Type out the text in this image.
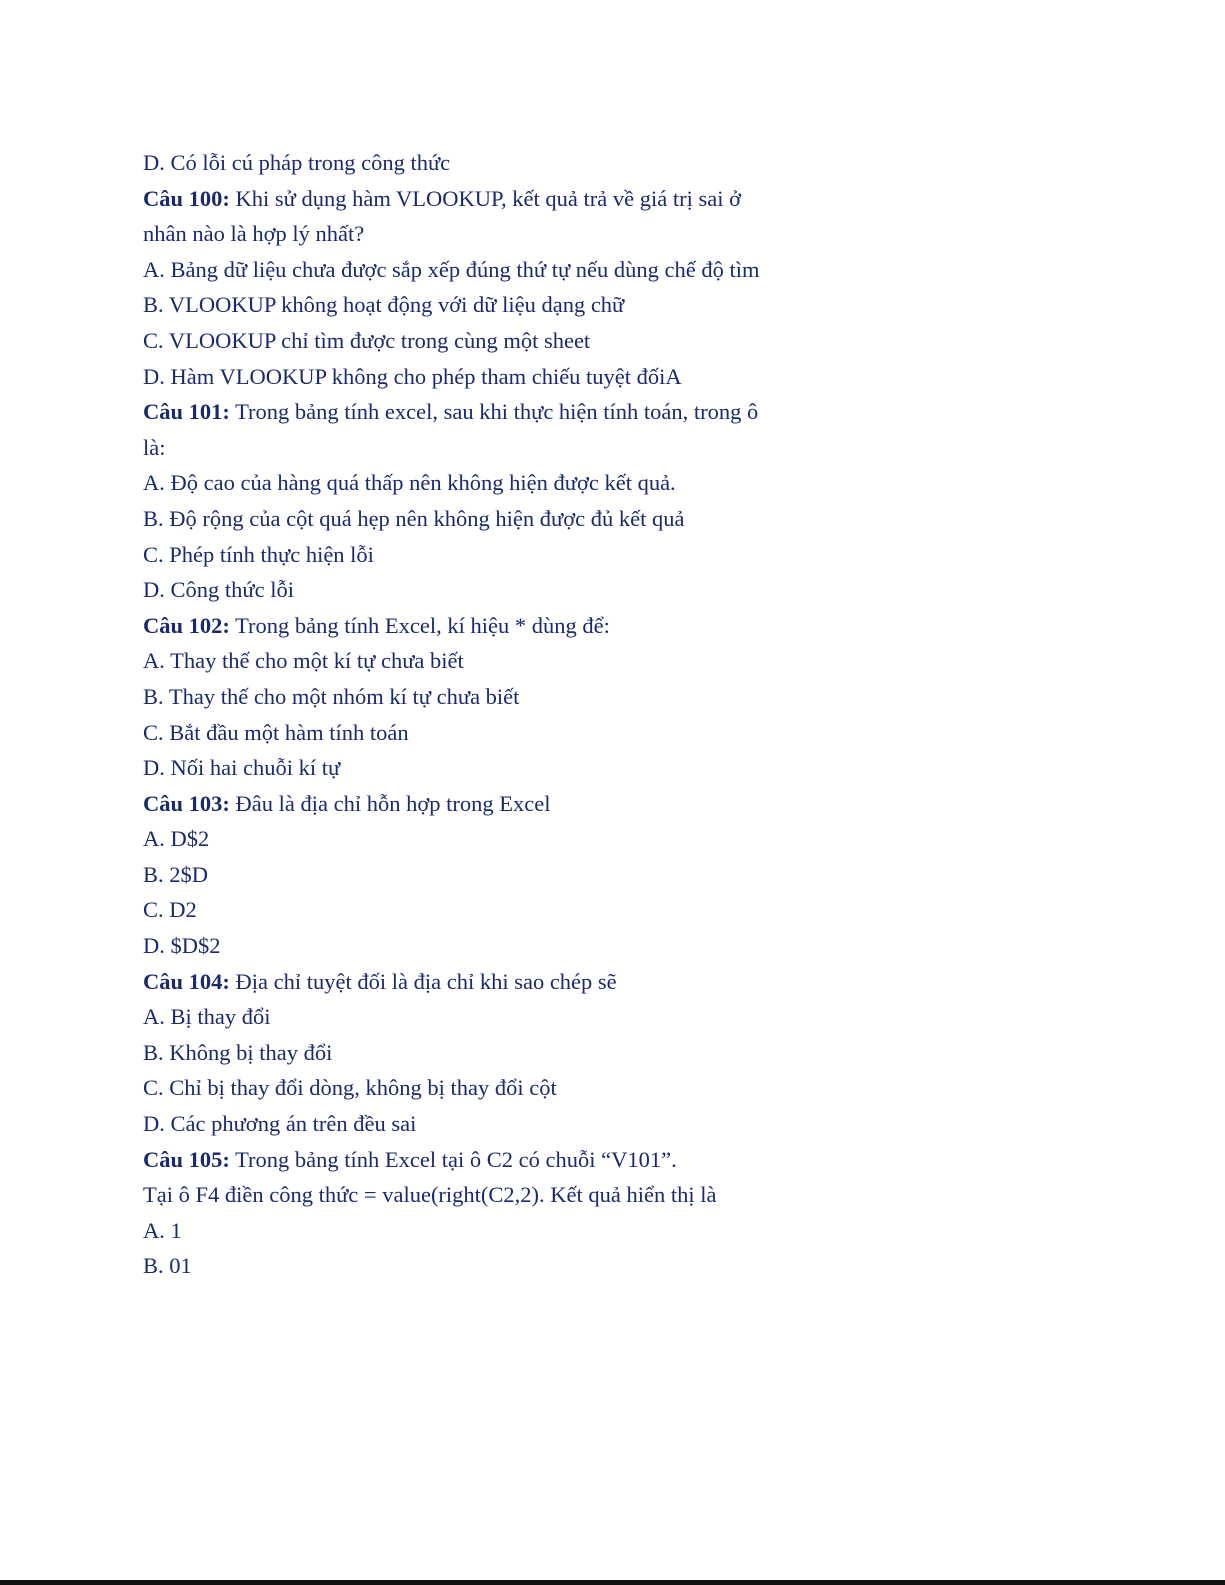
D. Có lỗi cú pháp trong công thức
Câu 100: Khi sử dụng hàm VLOOKUP, kết quả trả về giá trị sai ở
nhân nào là hợp lý nhất?
A. Bảng dữ liệu chưa được sắp xếp đúng thứ tự nếu dùng chế độ tìm
B. VLOOKUP không hoạt động với dữ liệu dạng chữ
C. VLOOKUP chỉ tìm được trong cùng một sheet
D. Hàm VLOOKUP không cho phép tham chiếu tuyệt đốiA
Câu 101: Trong bảng tính excel, sau khi thực hiện tính toán, trong ô
là:
A. Độ cao của hàng quá thấp nên không hiện được kết quả.
B. Độ rộng của cột quá hẹp nên không hiện được đủ kết quả
C. Phép tính thực hiện lỗi
D. Công thức lỗi
Câu 102: Trong bảng tính Excel, kí hiệu * dùng để:
A. Thay thế cho một kí tự chưa biết
B. Thay thế cho một nhóm kí tự chưa biết
C. Bắt đầu một hàm tính toán
D. Nối hai chuỗi kí tự
Câu 103: Đâu là địa chỉ hỗn hợp trong Excel
A. D$2
B. 2$D
C. D2
D. $D$2
Câu 104: Địa chỉ tuyệt đối là địa chỉ khi sao chép sẽ
A. Bị thay đổi
B. Không bị thay đổi
C. Chỉ bị thay đổi dòng, không bị thay đổi cột
D. Các phương án trên đều sai
Câu 105: Trong bảng tính Excel tại ô C2 có chuỗi “V101”.
Tại ô F4 điền công thức = value(right(C2,2). Kết quả hiển thị là
A. 1
B. 01
